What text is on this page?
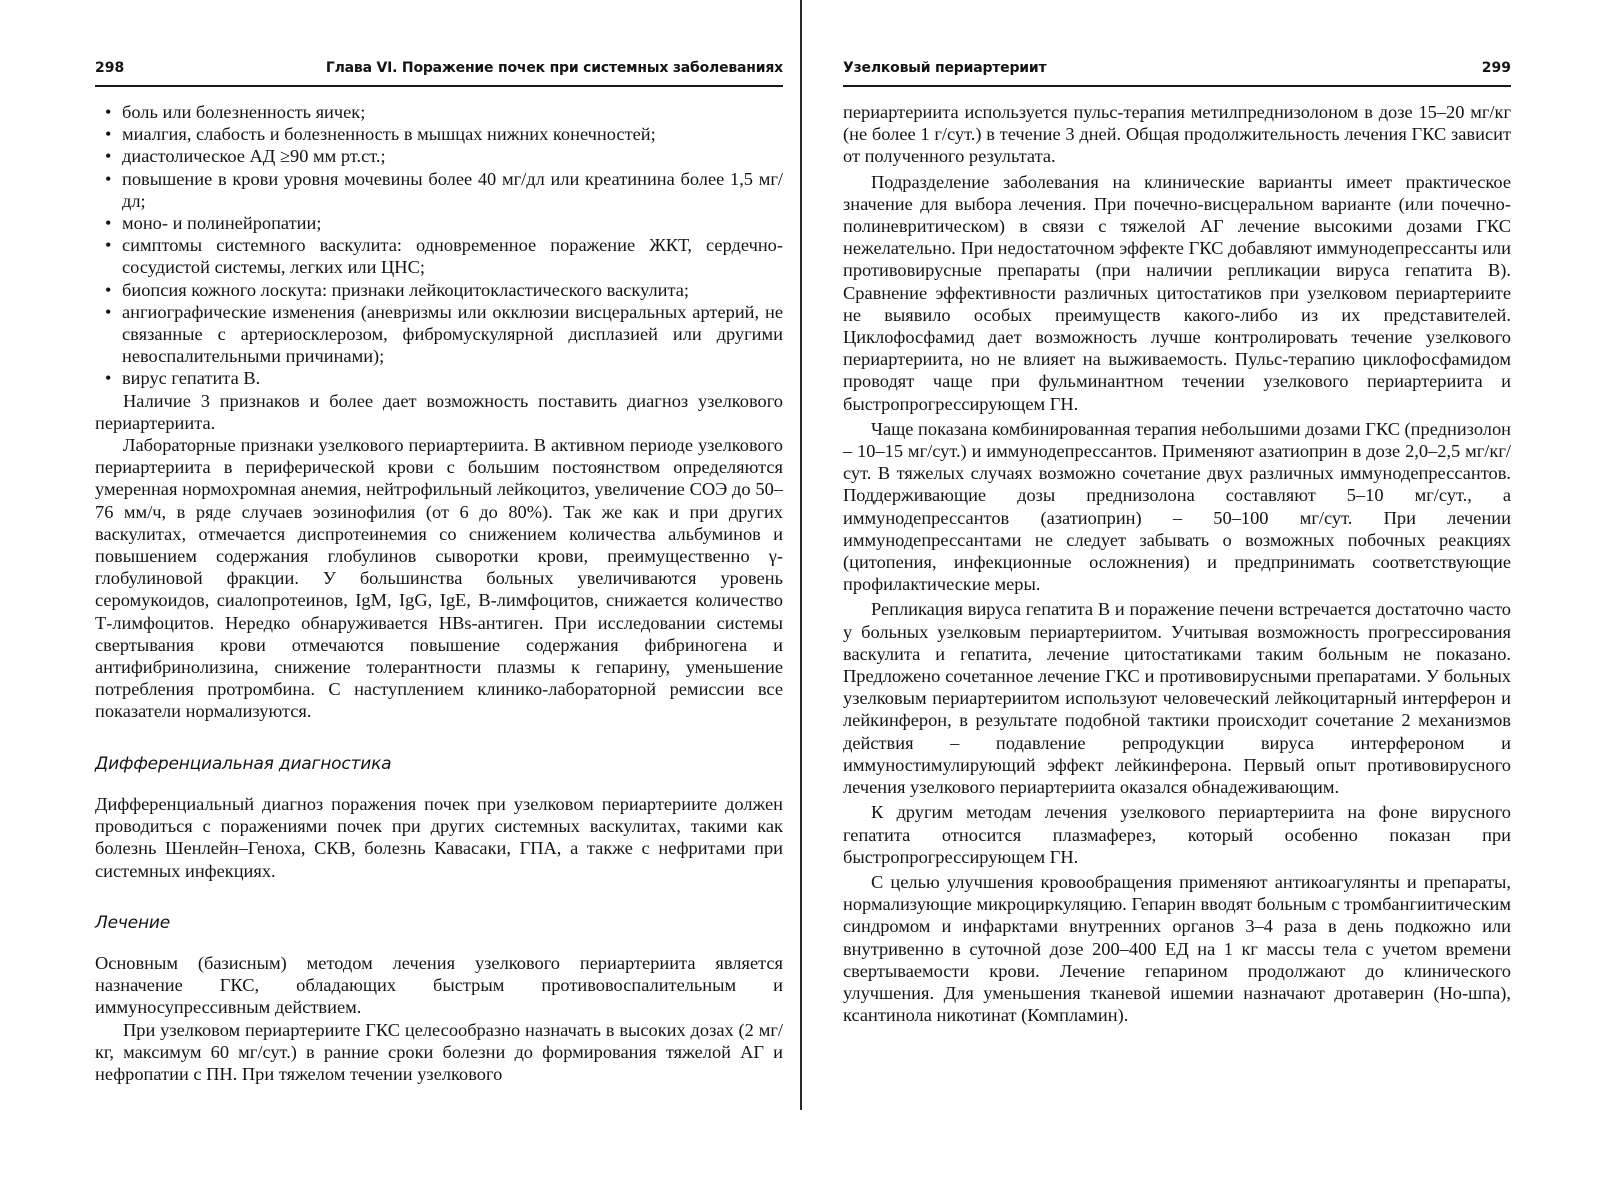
298	Глава VI. Поражение почек при системных заболеваниях
• боль или болезненность яичек;
• миалгия, слабость и болезненность в мышцах нижних конечностей;
• диастолическое АД ≥90 мм рт.ст.;
• повышение в крови уровня мочевины более 40 мг/дл или креатинина более 1,5 мг/дл;
• моно- и полинейропатии;
• симптомы системного васкулита: одновременное поражение ЖКТ, сердечно-сосудистой системы, легких или ЦНС;
• биопсия кожного лоскута: признаки лейкоцитокластического васкулита;
• ангиографические изменения (аневризмы или окклюзии висцеральных артерий, не связанные с артериосклерозом, фибромускулярной дисплазией или другими невоспалительными причинами);
• вирус гепатита В.

Наличие 3 признаков и более дает возможность поставить диагноз узелкового периартериита.

Лабораторные признаки узелкового периартериита. В активном периоде узелкового периартериита в периферической крови с большим постоянством определяются умеренная нормохромная анемия, нейтрофильный лейкоцитоз, увеличение СОЭ до 50–76 мм/ч, в ряде случаев эозинофилия (от 6 до 80%). Так же как и при других васкулитах, отмечается диспротеинемия со снижением количества альбуминов и повышением содержания глобулинов сыворотки крови, преимущественно γ-глобулиновой фракции. У большинства больных увеличиваются уровень серомукоидов, сиалопротеинов, IgM, IgG, IgE, B-лимфоцитов, снижается количество Т-лимфоцитов. Нередко обнаруживается HBs-антиген. При исследовании системы свертывания крови отмечаются повышение содержания фибриногена и антифибринолизина, снижение толерантности плазмы к гепарину, уменьшение потребления протромбина. С наступлением клинико-лабораторной ремиссии все показатели нормализуются.

Дифференциальная диагностика

Дифференциальный диагноз поражения почек при узелковом периартериите должен проводиться с поражениями почек при других системных васкулитах, такими как болезнь Шенлейн–Геноха, СКВ, болезнь Кавасаки, ГПА, а также с нефритами при системных инфекциях.

Лечение

Основным (базисным) методом лечения узелкового периартериита является назначение ГКС, обладающих быстрым противовоспалительным и иммуносупрессивным действием.

При узелковом периартериите ГКС целесообразно назначать в высоких дозах (2 мг/кг, максимум 60 мг/сут.) в ранние сроки болезни до формирования тяжелой АГ и нефропатии с ПН. При тяжелом течении узелкового

Узелковый периартериит	299

периартериита используется пульс-терапия метилпреднизолоном в дозе 15–20 мг/кг (не более 1 г/сут.) в течение 3 дней. Общая продолжительность лечения ГКС зависит от полученного результата.

Подразделение заболевания на клинические варианты имеет практическое значение для выбора лечения. При почечно-висцеральном варианте (или почечно-полиневритическом) в связи с тяжелой АГ лечение высокими дозами ГКС нежелательно. При недостаточном эффекте ГКС добавляют иммунодепрессанты или противовирусные препараты (при наличии репликации вируса гепатита В). Сравнение эффективности различных цитостатиков при узелковом периартериите не выявило особых преимуществ какого-либо из их представителей. Циклофосфамид дает возможность лучше контролировать течение узелкового периартериита, но не влияет на выживаемость. Пульс-терапию циклофосфамидом проводят чаще при фульминантном течении узелкового периартериита и быстропрогрессирующем ГН.

Чаще показана комбинированная терапия небольшими дозами ГКС (преднизолон – 10–15 мг/сут.) и иммунодепрессантов. Применяют азатиоприн в дозе 2,0–2,5 мг/кг/сут. В тяжелых случаях возможно сочетание двух различных иммунодепрессантов. Поддерживающие дозы преднизолона составляют 5–10 мг/сут., а иммунодепрессантов (азатиоприн) – 50–100 мг/сут. При лечении иммунодепрессантами не следует забывать о возможных побочных реакциях (цитопения, инфекционные осложнения) и предпринимать соответствующие профилактические меры.

Репликация вируса гепатита В и поражение печени встречается достаточно часто у больных узелковым периартериитом. Учитывая возможность прогрессирования васкулита и гепатита, лечение цитостатиками таким больным не показано. Предложено сочетанное лечение ГКС и противовирусными препаратами. У больных узелковым периартериитом используют человеческий лейкоцитарный интерферон и лейкинферон, в результате подобной тактики происходит сочетание 2 механизмов действия – подавление репродукции вируса интерфероном и иммуностимулирующий эффект лейкинферона. Первый опыт противовирусного лечения узелкового периартериита оказался обнадеживающим.

К другим методам лечения узелкового периартериита на фоне вирусного гепатита относится плазмаферез, который особенно показан при быстропрогрессирующем ГН.

С целью улучшения кровообращения применяют антикоагулянты и препараты, нормализующие микроциркуляцию. Гепарин вводят больным с тромбангиитическим синдромом и инфарктами внутренних органов 3–4 раза в день подкожно или внутривенно в суточной дозе 200–400 ЕД на 1 кг массы тела с учетом времени свертываемости крови. Лечение гепарином продолжают до клинического улучшения. Для уменьшения тканевой ишемии назначают дротаверин (Но-шпа), ксантинола никотинат (Компламин).
